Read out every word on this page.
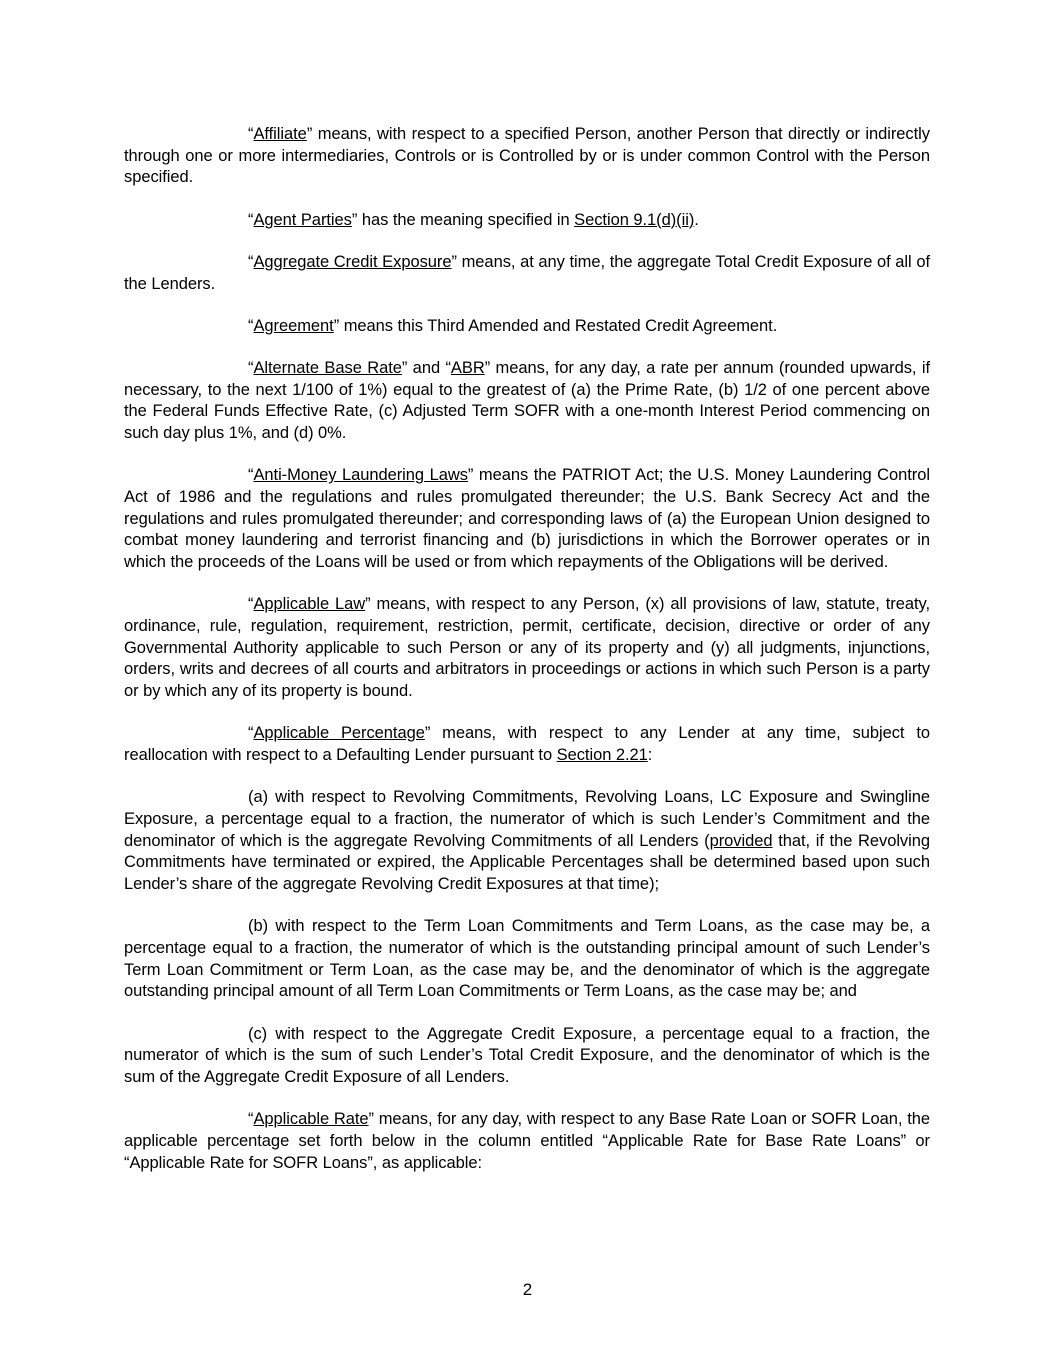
“Affiliate” means, with respect to a specified Person, another Person that directly or indirectly through one or more intermediaries, Controls or is Controlled by or is under common Control with the Person specified.

“Agent Parties” has the meaning specified in Section 9.1(d)(ii).

“Aggregate Credit Exposure” means, at any time, the aggregate Total Credit Exposure of all of the Lenders.

“Agreement” means this Third Amended and Restated Credit Agreement.

“Alternate Base Rate” and “ABR” means, for any day, a rate per annum (rounded upwards, if necessary, to the next 1/100 of 1%) equal to the greatest of (a) the Prime Rate, (b) 1/2 of one percent above the Federal Funds Effective Rate, (c) Adjusted Term SOFR with a one-month Interest Period commencing on such day plus 1%, and (d) 0%.

“Anti-Money Laundering Laws” means the PATRIOT Act; the U.S. Money Laundering Control Act of 1986 and the regulations and rules promulgated thereunder; the U.S. Bank Secrecy Act and the regulations and rules promulgated thereunder; and corresponding laws of (a) the European Union designed to combat money laundering and terrorist financing and (b) jurisdictions in which the Borrower operates or in which the proceeds of the Loans will be used or from which repayments of the Obligations will be derived.

“Applicable Law” means, with respect to any Person, (x) all provisions of law, statute, treaty, ordinance, rule, regulation, requirement, restriction, permit, certificate, decision, directive or order of any Governmental Authority applicable to such Person or any of its property and (y) all judgments, injunctions, orders, writs and decrees of all courts and arbitrators in proceedings or actions in which such Person is a party or by which any of its property is bound.

“Applicable Percentage” means, with respect to any Lender at any time, subject to reallocation with respect to a Defaulting Lender pursuant to Section 2.21:

(a) with respect to Revolving Commitments, Revolving Loans, LC Exposure and Swingline Exposure, a percentage equal to a fraction, the numerator of which is such Lender’s Commitment and the denominator of which is the aggregate Revolving Commitments of all Lenders (provided that, if the Revolving Commitments have terminated or expired, the Applicable Percentages shall be determined based upon such Lender’s share of the aggregate Revolving Credit Exposures at that time);

(b) with respect to the Term Loan Commitments and Term Loans, as the case may be, a percentage equal to a fraction, the numerator of which is the outstanding principal amount of such Lender’s Term Loan Commitment or Term Loan, as the case may be, and the denominator of which is the aggregate outstanding principal amount of all Term Loan Commitments or Term Loans, as the case may be; and

(c) with respect to the Aggregate Credit Exposure, a percentage equal to a fraction, the numerator of which is the sum of such Lender’s Total Credit Exposure, and the denominator of which is the sum of the Aggregate Credit Exposure of all Lenders.

“Applicable Rate” means, for any day, with respect to any Base Rate Loan or SOFR Loan, the applicable percentage set forth below in the column entitled “Applicable Rate for Base Rate Loans” or “Applicable Rate for SOFR Loans”, as applicable:

2
